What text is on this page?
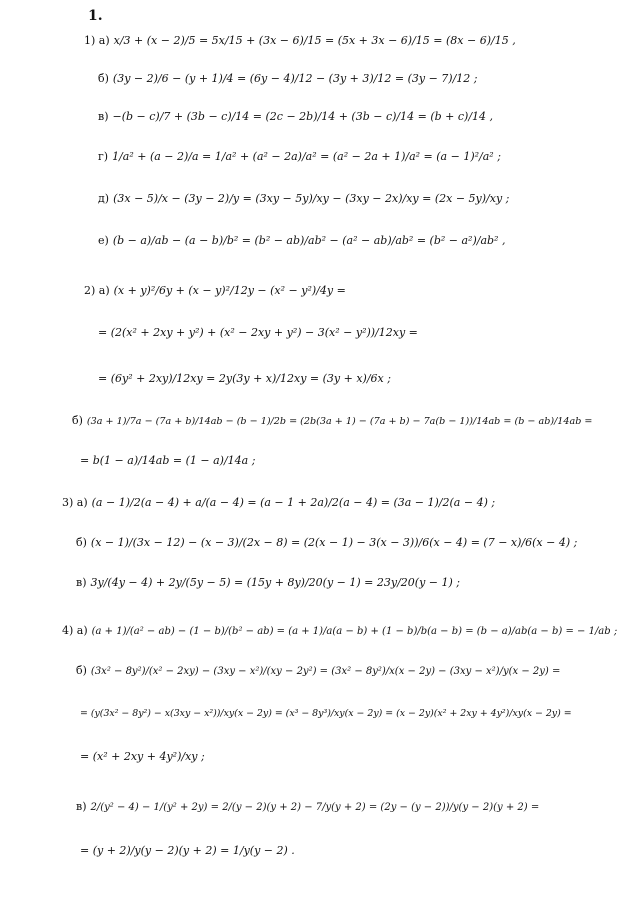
1.
1) а) x/3 + (x − 2)/5 = 5x/15 + (3x − 6)/15 = (5x + 3x − 6)/15 = (8x − 6)/15 ,
б) (3y − 2)/6 − (y + 1)/4 = (6y − 4)/12 − (3y + 3)/12 = (3y − 7)/12 ;
в) −(b − c)/7 + (3b − c)/14 = (2c − 2b)/14 + (3b − c)/14 = (b + c)/14 ,
г) 1/a² + (a − 2)/a = 1/a² + (a² − 2a)/a² = (a² − 2a + 1)/a² = (a − 1)²/a² ;
д) (3x − 5)/x − (3y − 2)/y = (3xy − 5y)/xy − (3xy − 2x)/xy = (2x − 5y)/xy ;
е) (b − a)/ab − (a − b)/b² = (b² − ab)/ab² − (a² − ab)/ab² = (b² − a²)/ab² ,
2) а) (x + y)²/6y + (x − y)²/12y − (x² − y²)/4y =
= (2(x² + 2xy + y²) + (x² − 2xy + y²) − 3(x² − y²))/12xy =
= (6y² + 2xy)/12xy = 2y(3y + x)/12xy = (3y + x)/6x ;
б) (3a + 1)/7a − (7a + b)/14ab − (b − 1)/2b = (2b(3a + 1) − (7a + b) − 7a(b − 1))/14ab = (b − ab)/14ab =
= b(1 − a)/14ab = (1 − a)/14a ;
3) а) (a − 1)/2(a − 4) + a/(a − 4) = (a − 1 + 2a)/2(a − 4) = (3a − 1)/2(a − 4) ;
б) (x − 1)/(3x − 12) − (x − 3)/(2x − 8) = (2(x − 1) − 3(x − 3))/6(x − 4) = (7 − x)/6(x − 4) ;
в) 3y/(4y − 4) + 2y/(5y − 5) = (15y + 8y)/20(y − 1) = 23y/20(y − 1) ;
4) а) (a + 1)/(a² − ab) − (1 − b)/(b² − ab) = (a + 1)/a(a − b) + (1 − b)/b(a − b) = (b − a)/ab(a − b) = − 1/ab ;
б) (3x² − 8y²)/(x² − 2xy) − (3xy − x²)/(xy − 2y²) = (3x² − 8y²)/x(x − 2y) − (3xy − x²)/y(x − 2y) =
= (y(3x² − 8y²) − x(3xy − x²))/xy(x − 2y) = (x³ − 8y³)/xy(x − 2y) = (x − 2y)(x² + 2xy + 4y²)/xy(x − 2y) =
= (x² + 2xy + 4y²)/xy ;
в) 2/(y² − 4) − 1/(y² + 2y) = 2/(y − 2)(y + 2) − 7/y(y + 2) = (2y − (y − 2))/y(y − 2)(y + 2) =
= (y + 2)/y(y − 2)(y + 2) = 1/y(y − 2) .
